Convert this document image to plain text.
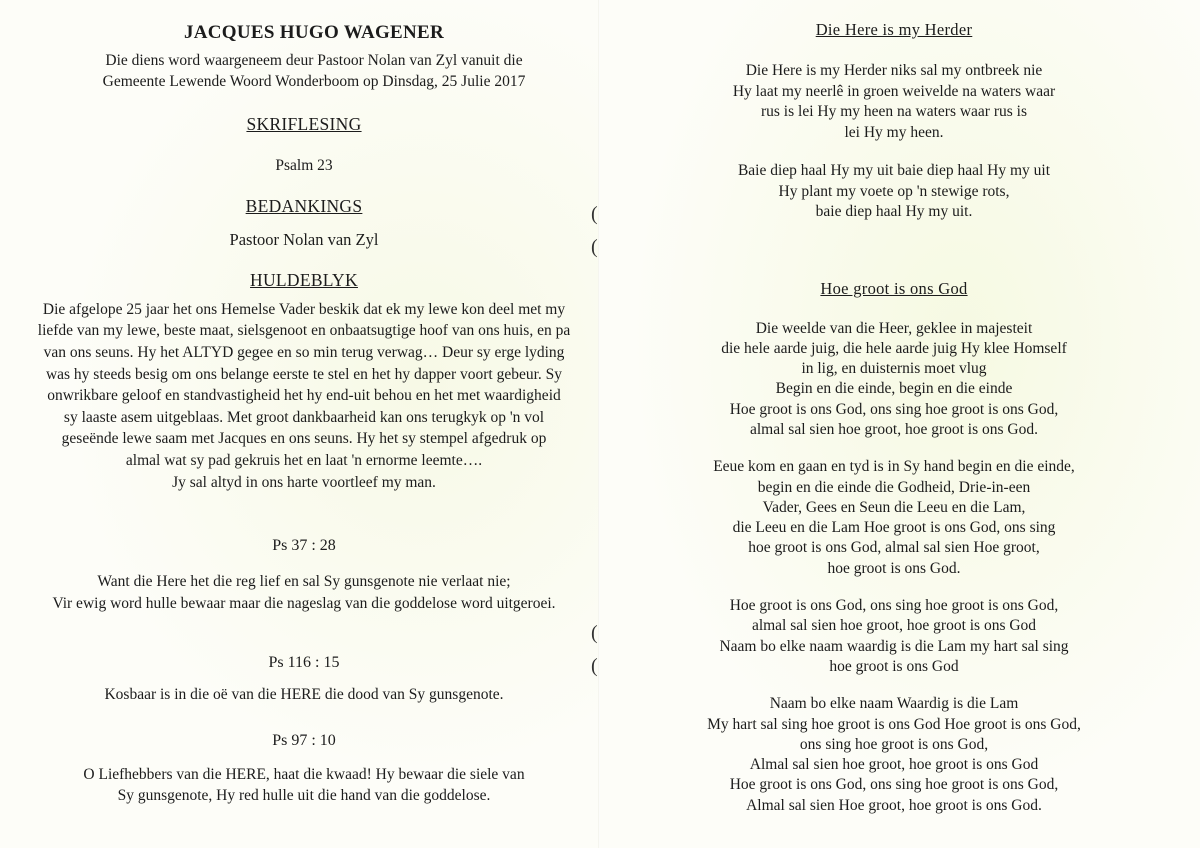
JACQUES HUGO WAGENER

Die diens word waargeneem deur Pastoor Nolan van Zyl vanuit die
Gemeente Lewende Woord Wonderboom op Dinsdag, 25 Julie 2017

SKRIFLESING

Psalm 23

BEDANKINGS

Pastoor Nolan van Zyl

HULDEBLYK

Die afgelope 25 jaar het ons Hemelse Vader beskik dat ek my lewe kon deel met my
liefde van my lewe, beste maat, sielsgenoot en onbaatsugtige hoof van ons huis, en pa
van ons seuns. Hy het ALTYD gegee en so min terug verwag… Deur sy erge lyding
was hy steeds besig om ons belange eerste te stel en het hy dapper voort gebeur. Sy
onwrikbare geloof en standvastigheid het hy end-uit behou en het met waardigheid
sy laaste asem uitgeblaas. Met groot dankbaarheid kan ons terugkyk op 'n vol
geseënde lewe saam met Jacques en ons seuns. Hy het sy stempel afgedruk op
almal wat sy pad gekruis het en laat 'n ernorme leemte….
Jy sal altyd in ons harte voortleef my man.

Ps 37 : 28

Want die Here het die reg lief en sal Sy gunsgenote nie verlaat nie;
Vir ewig word hulle bewaar maar die nageslag van die goddelose word uitgeroei.

Ps 116 : 15

Kosbaar is in die oë van die HERE die dood van Sy gunsgenote.

Ps 97 : 10

O Liefhebbers van die HERE, haat die kwaad! Hy bewaar die siele van
Sy gunsgenote, Hy red hulle uit die hand van die goddelose.

(
(
(
(
Die Here is my Herder

Die Here is my Herder niks sal my ontbreek nie
Hy laat my neerlê in groen weivelde na waters waar
rus is lei Hy my heen na waters waar rus is
lei Hy my heen.

Baie diep haal Hy my uit baie diep haal Hy my uit
Hy plant my voete op 'n stewige rots,
baie diep haal Hy my uit.

Hoe groot is ons God

Die weelde van die Heer, geklee in majesteit
die hele aarde juig, die hele aarde juig Hy klee Homself
in lig, en duisternis moet vlug
Begin en die einde, begin en die einde
Hoe groot is ons God, ons sing hoe groot is ons God,
almal sal sien hoe groot, hoe groot is ons God.

Eeue kom en gaan en tyd is in Sy hand begin en die einde,
begin en die einde die Godheid, Drie-in-een
Vader, Gees en Seun die Leeu en die Lam,
die Leeu en die Lam Hoe groot is ons God, ons sing
hoe groot is ons God, almal sal sien Hoe groot,
hoe groot is ons God.

Hoe groot is ons God, ons sing hoe groot is ons God,
almal sal sien hoe groot, hoe groot is ons God
Naam bo elke naam waardig is die Lam my hart sal sing
hoe groot is ons God

Naam bo elke naam Waardig is die Lam
My hart sal sing hoe groot is ons God Hoe groot is ons God,
ons sing hoe groot is ons God,
Almal sal sien hoe groot, hoe groot is ons God
Hoe groot is ons God, ons sing hoe groot is ons God,
Almal sal sien Hoe groot, hoe groot is ons God.
